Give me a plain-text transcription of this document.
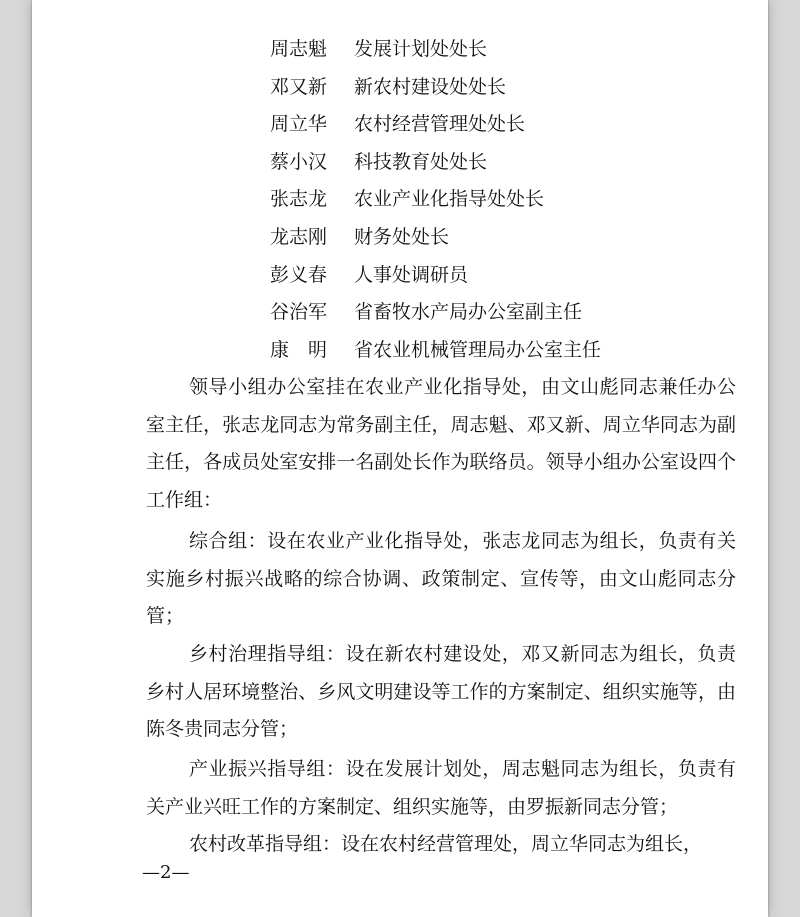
周志魁 发展计划处处长
邓又新 新农村建设处处长
周立华 农村经营管理处处长
蔡小汉 科技教育处处长
张志龙 农业产业化指导处处长
龙志刚 财务处处长
彭义春 人事处调研员
谷治军 省畜牧水产局办公室副主任
康　明 省农业机械管理局办公室主任

领导小组办公室挂在农业产业化指导处，由文山彪同志兼任办公室主任，张志龙同志为常务副主任，周志魁、邓又新、周立华同志为副主任，各成员处室安排一名副处长作为联络员。领导小组办公室设四个工作组：

综合组：设在农业产业化指导处，张志龙同志为组长，负责有关实施乡村振兴战略的综合协调、政策制定、宣传等，由文山彪同志分管；

乡村治理指导组：设在新农村建设处，邓又新同志为组长，负责乡村人居环境整治、乡风文明建设等工作的方案制定、组织实施等，由陈冬贵同志分管；

产业振兴指导组：设在发展计划处，周志魁同志为组长，负责有关产业兴旺工作的方案制定、组织实施等，由罗振新同志分管；

农村改革指导组：设在农村经营管理处，周立华同志为组长，

—2—
